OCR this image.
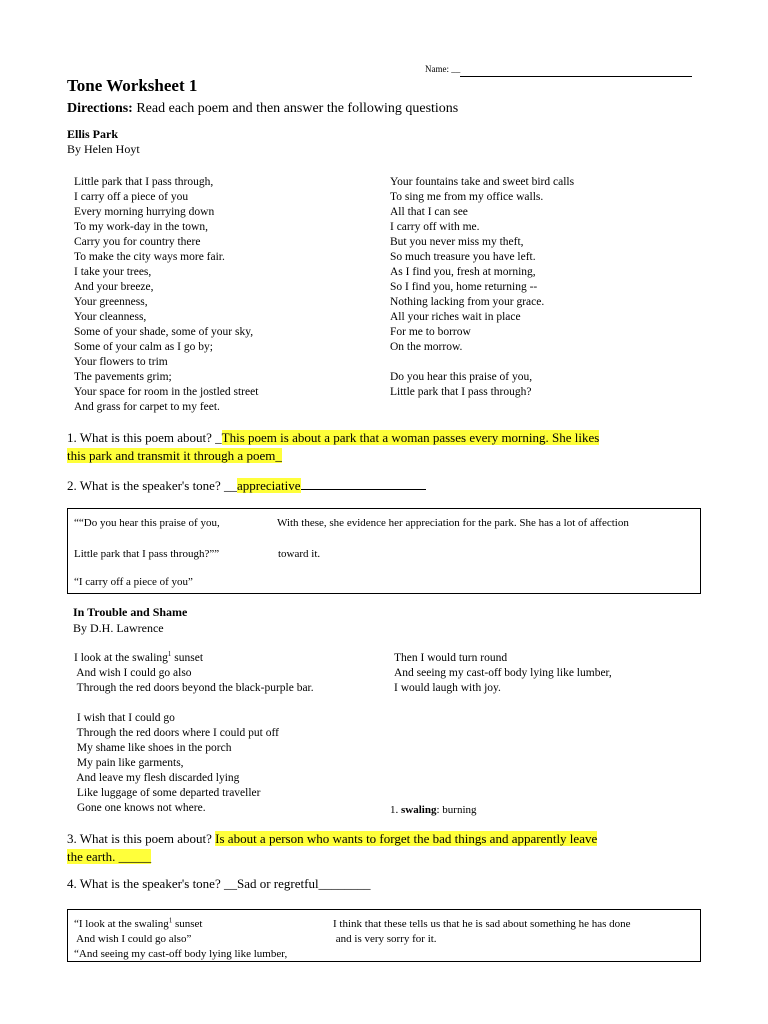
Name: __
Tone Worksheet 1
Directions: Read each poem and then answer the following questions
Ellis Park
By Helen Hoyt
Little park that I pass through,
I carry off a piece of you
Every morning hurrying down
To my work-day in the town,
Carry you for country there
To make the city ways more fair.
I take your trees,
And your breeze,
Your greenness,
Your cleanness,
Some of your shade, some of your sky,
Some of your calm as I go by;
Your flowers to trim
The pavements grim;
Your space for room in the jostled street
And grass for carpet to my feet.
Your fountains take and sweet bird calls
To sing me from my office walls.
All that I can see
I carry off with me.
But you never miss my theft,
So much treasure you have left.
As I find you, fresh at morning,
So I find you, home returning --
Nothing lacking from your grace.
All your riches wait in place
For me to borrow
On the morrow.
Do you hear this praise of you,
Little park that I pass through?
1. What is this poem about? _This poem is about a park that a woman passes every morning. She likes
this park and transmit it through a poem_
2. What is the speaker's tone? __appreciative
““Do you hear this praise of you,
Little park that I pass through?””
“I carry off a piece of you”
With these, she evidence her appreciation for the park. She has a lot of affection
toward it.
In Trouble and Shame
By D.H. Lawrence
I look at the swaling$^1$ sunset
And wish I could go also
Through the red doors beyond the black-purple bar.
I wish that I could go
Through the red doors where I could put off
My shame like shoes in the porch
My pain like garments,
And leave my flesh discarded lying
Like luggage of some departed traveller
Gone one knows not where.
Then I would turn round
And seeing my cast-off body lying like lumber,
I would laugh with joy.
1. swaling: burning
3. What is this poem about? Is about a person who wants to forget the bad things and apparently leave
the earth. _____
4. What is the speaker's tone? __Sad or regretful________
“I look at the swaling$^1$ sunset
And wish I could go also”
“And seeing my cast-off body lying like lumber,
I think that these tells us that he is sad about something he has done
and is very sorry for it.
